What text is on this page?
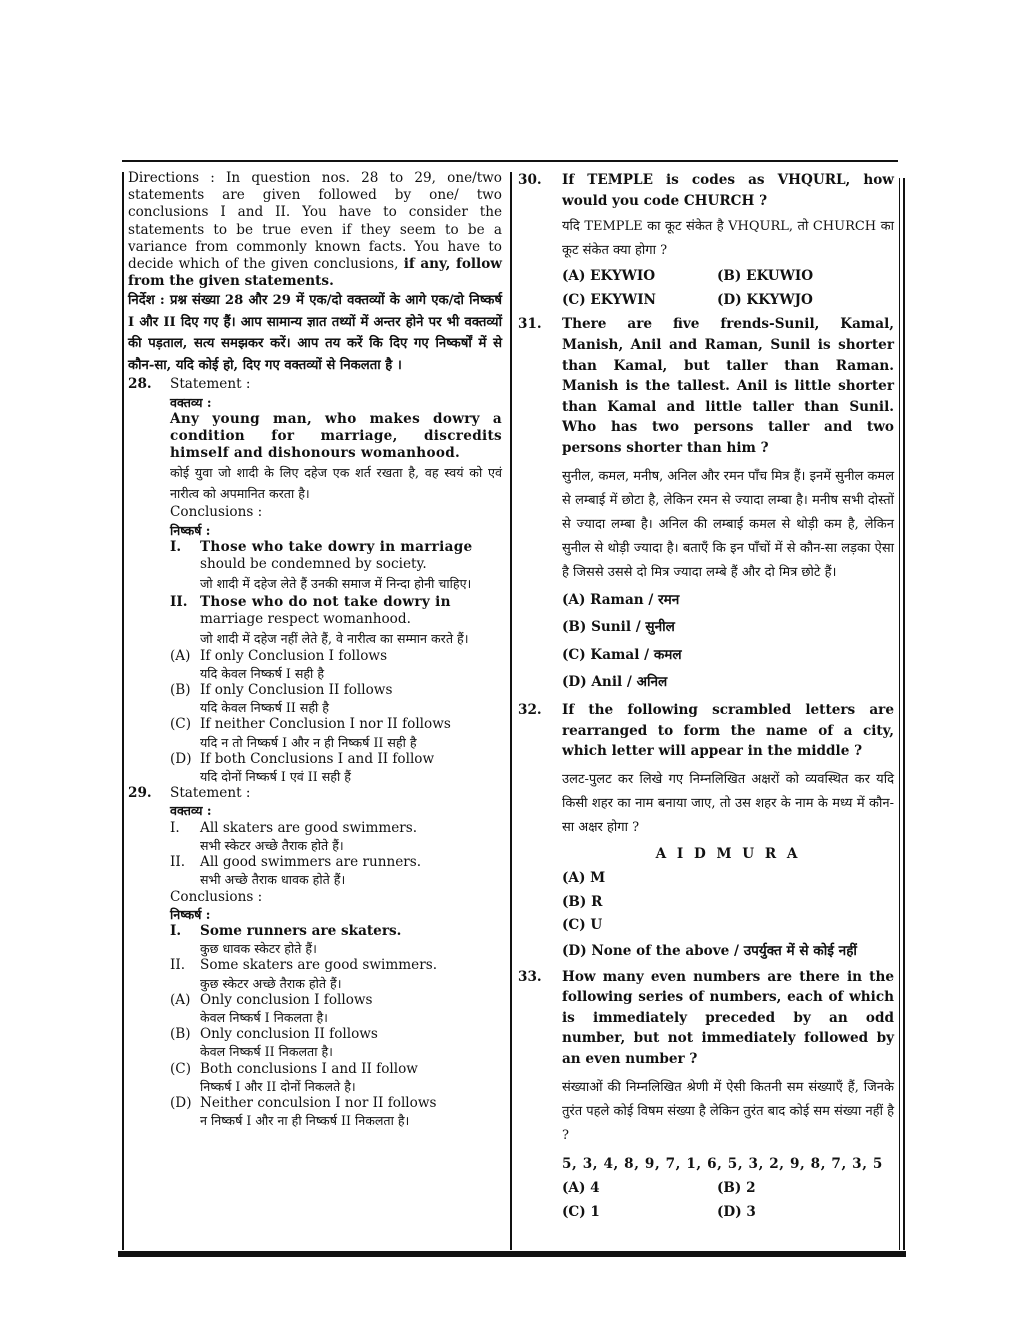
Directions : In question nos. 28 to 29, one/two statements are given followed by one/ two conclusions I and II. You have to consider the statements to be true even if they seem to be a variance from commonly known facts. You have to decide which of the given conclusions, if any, follow from the given statements.

निर्देश : प्रश्न संख्या 28 और 29 में एक/दो वक्तव्यों के आगे एक/दो निष्कर्ष I और II दिए गए हैं। आप सामान्य ज्ञात तथ्यों में अन्तर होने पर भी वक्तव्यों की पड़ताल, सत्य समझकर करें। आप तय करें कि दिए गए निष्कर्षों में से कौन-सा, यदि कोई हो, दिए गए वक्तव्यों से निकलता है ।

28.	Statement :
वक्तव्य :
Any young man, who makes dowry a condition for marriage, discredits himself and dishonours womanhood.
कोई युवा जो शादी के लिए दहेज एक शर्त रखता है, वह स्वयं को एवं नारीत्व को अपमानित करता है।
Conclusions :
निष्कर्ष :
I.	Those who take dowry in marriage
should be condemned by society.
जो शादी में दहेज लेते हैं उनकी समाज में निन्दा होनी चाहिए।
II. Those who do not take dowry in
marriage respect womanhood.
जो शादी में दहेज नहीं लेते हैं, वे नारीत्व का सम्मान करते हैं।
(A) If only Conclusion I follows
यदि केवल निष्कर्ष I सही है
(B) If only Conclusion II follows
यदि केवल निष्कर्ष II सही है
(C) If neither Conclusion I nor II follows
यदि न तो निष्कर्ष I और न ही निष्कर्ष II सही है
(D) If both Conclusions I and II follow
यदि दोनों निष्कर्ष I एवं II सही हैं
29.	Statement :
वक्तव्य :
I.	All skaters are good swimmers.
सभी स्केटर अच्छे तैराक होते हैं।
II.	All good swimmers are runners.
सभी अच्छे तैराक धावक होते हैं।
Conclusions :
निष्कर्ष :
I.	Some runners are skaters.
कुछ धावक स्केटर होते हैं।
II.	Some skaters are good swimmers.
कुछ स्केटर अच्छे तैराक होते हैं।
(A) Only conclusion I follows
केवल निष्कर्ष I निकलता है।
(B) Only conclusion II follows
केवल निष्कर्ष II निकलता है।
(C) Both conclusions I and II follow
निष्कर्ष I और II दोनों निकलते है।
(D) Neither conculsion I nor II follows
न निष्कर्ष I और ना ही निष्कर्ष II निकलता है।
30.	If TEMPLE is codes as VHQURL, how would you code CHURCH ?
यदि TEMPLE का कूट संकेत है VHQURL, तो CHURCH का कूट संकेत क्या होगा ?
(A) EKYWIO	(B) EKUWIO
(C) EKYWIN	(D) KKYWJO
31.	There are five frends-Sunil, Kamal, Manish, Anil and Raman, Sunil is shorter than Kamal, but taller than Raman. Manish is the tallest. Anil is little shorter than Kamal and little taller than Sunil. Who has two persons taller and two persons shorter than him ?
सुनील, कमल, मनीष, अनिल और रमन पाँच मित्र हैं। इनमें सुनील कमल से लम्बाई में छोटा है, लेकिन रमन से ज्यादा लम्बा है। मनीष सभी दोस्तों से ज्यादा लम्बा है। अनिल की लम्बाई कमल से थोड़ी कम है, लेकिन सुनील से थोड़ी ज्यादा है। बताएँ कि इन पाँचों में से कौन-सा लड़का ऐसा है जिससे उससे दो मित्र ज्यादा लम्बे हैं और दो मित्र छोटे हैं।
(A) Raman / रमन
(B) Sunil / सुनील
(C) Kamal / कमल
(D) Anil / अनिल
32.	If the following scrambled letters are rearranged to form the name of a city, which letter will appear in the middle ?
उलट-पुलट कर लिखे गए निम्नलिखित अक्षरों को व्यवस्थित कर यदि किसी शहर का नाम बनाया जाए, तो उस शहर के नाम के मध्य में कौन-सा अक्षर होगा ?
A I D M U R A
(A) M
(B) R
(C) U
(D) None of the above / उपर्युक्त में से कोई नहीं
33.	How many even numbers are there in the following series of numbers, each of which is immediately preceded by an odd number, but not immediately followed by an even number ?
संख्याओं की निम्नलिखित श्रेणी में ऐसी कितनी सम संख्याएँ हैं, जिनके तुरंत पहले कोई विषम संख्या है लेकिन तुरंत बाद कोई सम संख्या नहीं है ?
5, 3, 4, 8, 9, 7, 1, 6, 5, 3, 2, 9, 8, 7, 3, 5
(A) 4	(B) 2
(C) 1	(D) 3
